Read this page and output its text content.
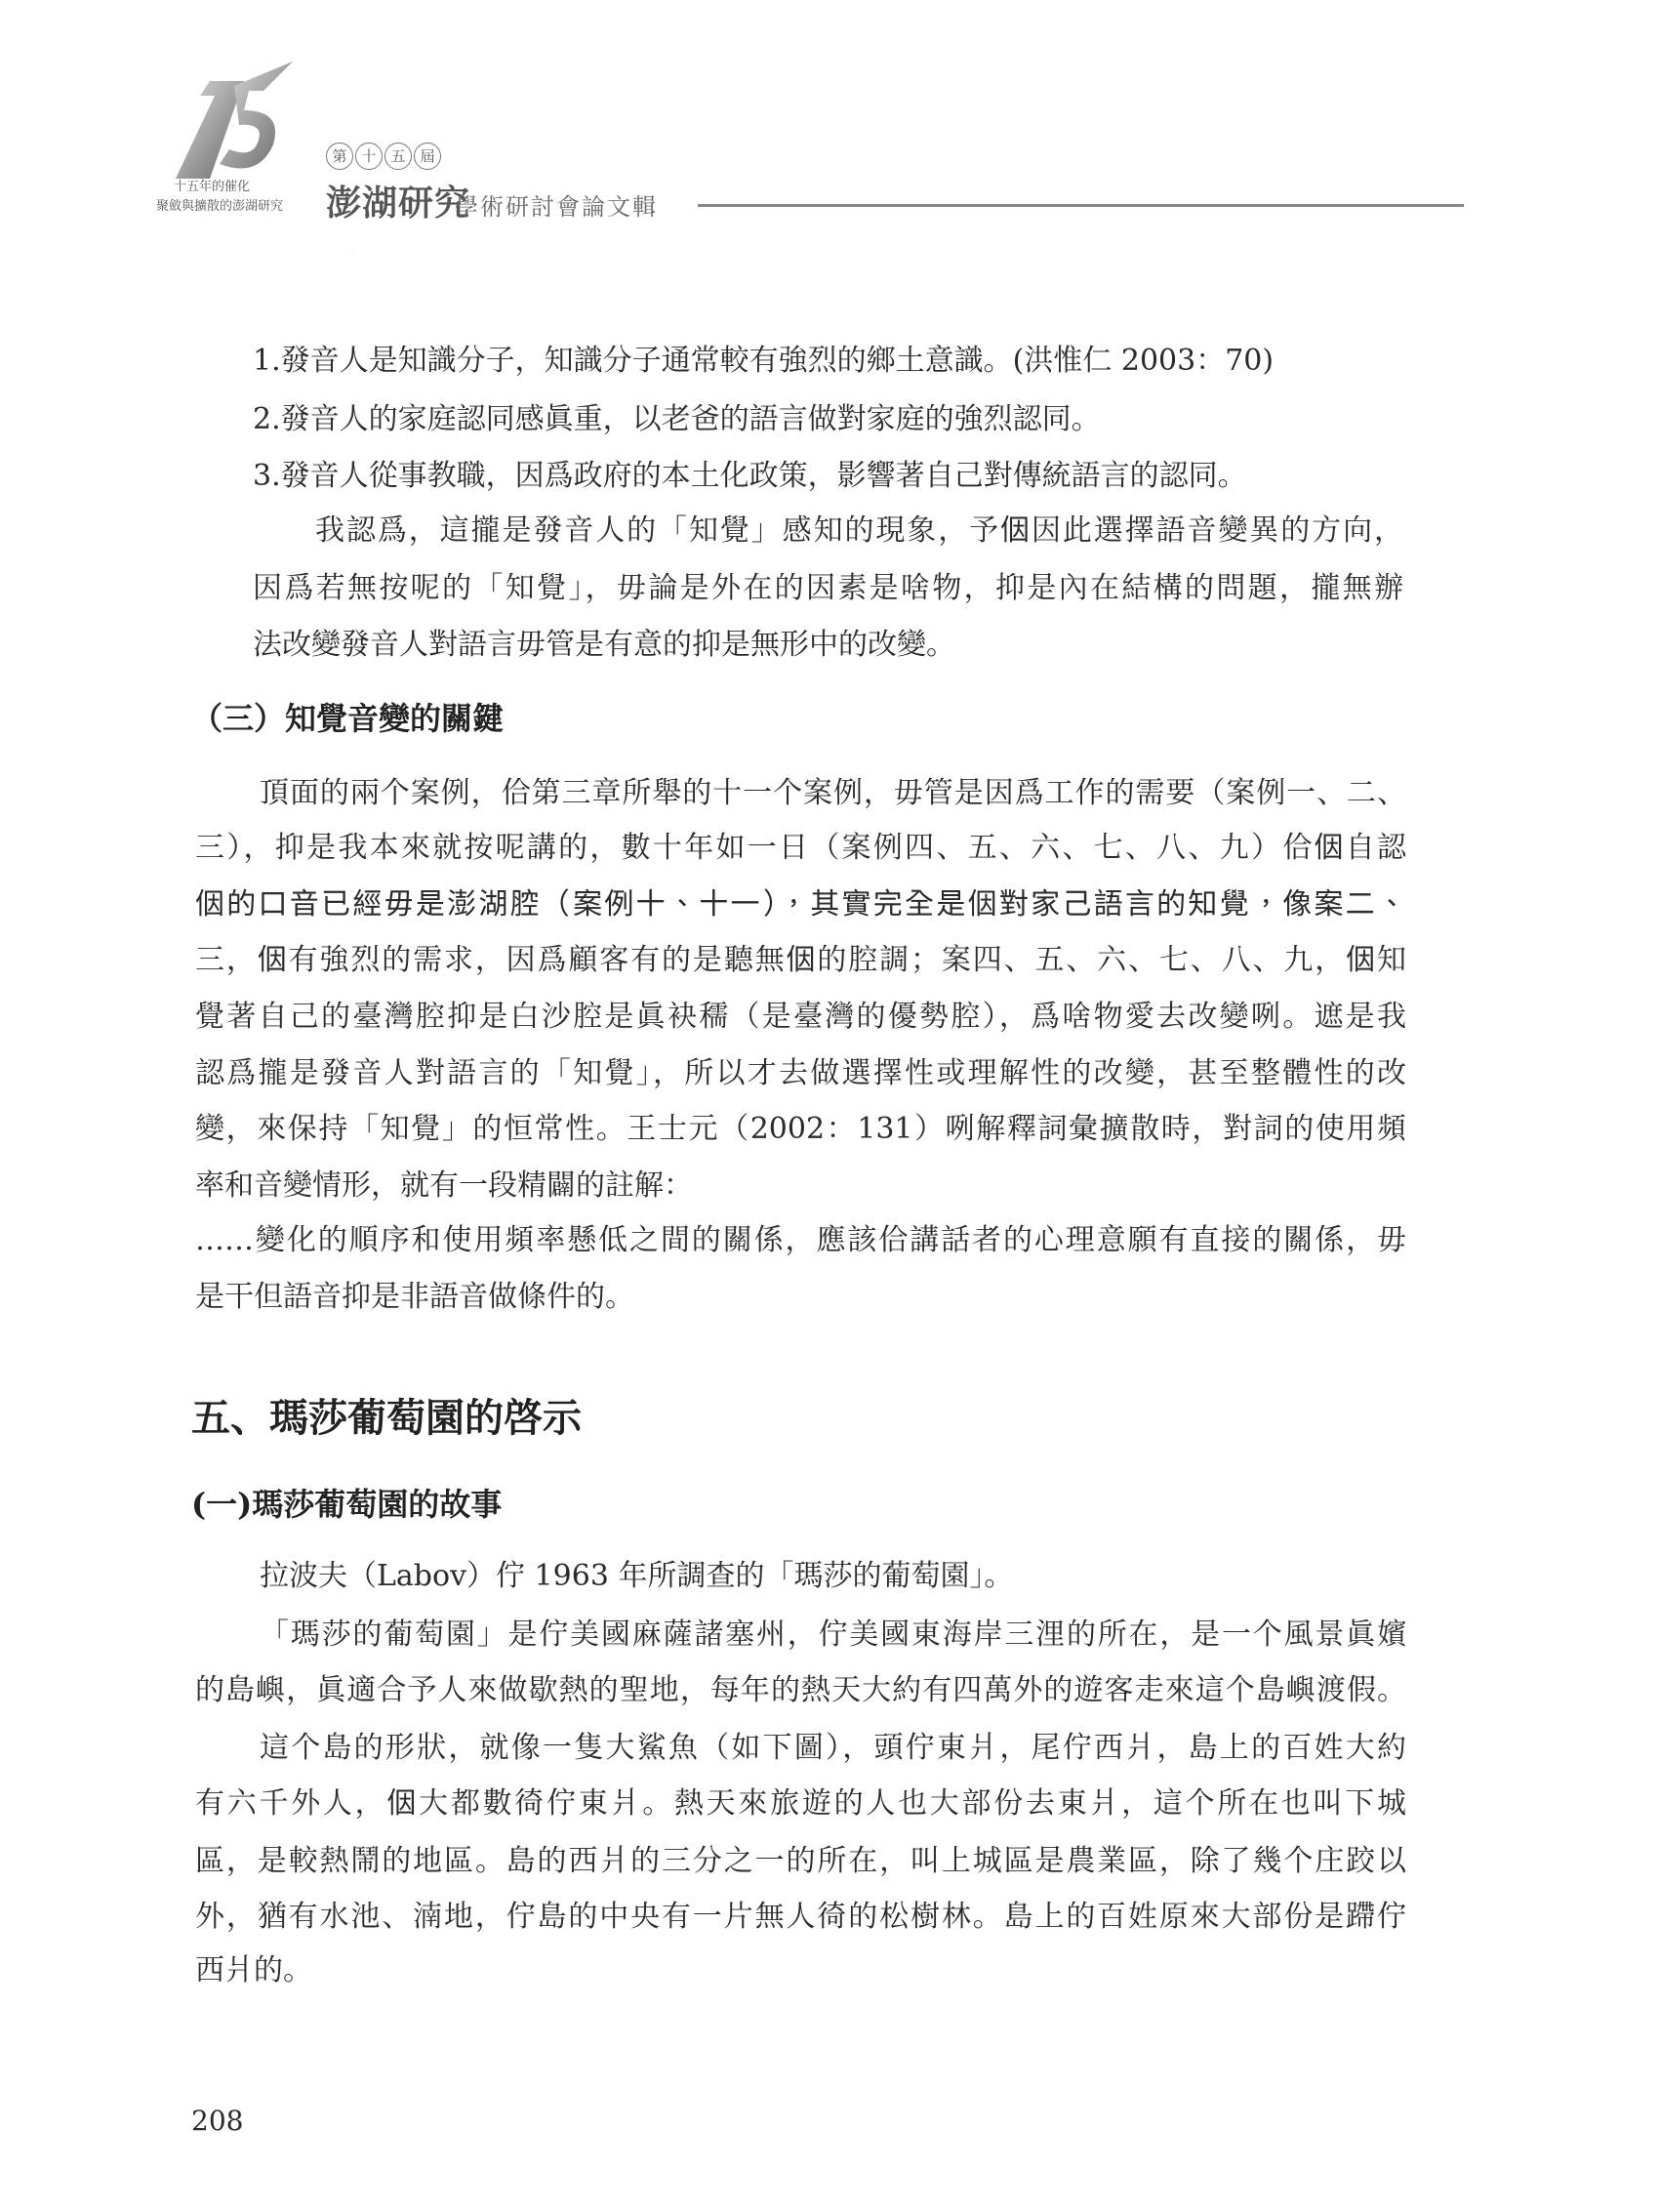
15
十五年的催化
聚斂與擴散的澎湖研究
第 十 五 屆
澎湖研究
學術研討會論文輯
1.發音人是知識分子，知識分子通常較有強烈的鄉土意識。(洪惟仁 2003：70)
2.發音人的家庭認同感眞重，以老爸的語言做對家庭的強烈認同。
3.發音人從事教職，因爲政府的本土化政策，影響著自己對傳統語言的認同。
我認爲，這攏是發音人的「知覺」感知的現象，予𪜶因此選擇語音變異的方向，
因爲若無按呢的「知覺」，毋論是外在的因素是啥物，抑是內在結構的問題，攏無辦
法改變發音人對語言毋管是有意的抑是無形中的改變。
（三）知覺音變的關鍵
頂面的兩个案例，佮第三章所舉的十一个案例，毋管是因爲工作的需要（案例一、二、
三），抑是我本來就按呢講的，數十年如一日（案例四、五、六、七、八、九）佮𪜶自認
𪜶的口音已經毋是澎湖腔（案例十、十一），其實完全是𪜶對家己語言的知覺，像案二、
三，𪜶有強烈的需求，因爲顧客有的是聽無𪜶的腔調；案四、五、六、七、八、九，𪜶知
覺著自己的臺灣腔抑是白沙腔是眞袂穤（是臺灣的優勢腔），爲啥物愛去改變咧。遮是我
認爲攏是發音人對語言的「知覺」，所以才去做選擇性或理解性的改變，甚至整體性的改
變，來保持「知覺」的恒常性。王士元（2002：131）咧解釋詞彙擴散時，對詞的使用頻
率和音變情形，就有一段精闢的註解：
……變化的順序和使用頻率懸低之間的關係，應該佮講話者的心理意願有直接的關係，毋
是干但語音抑是非語音做條件的。
五、瑪莎葡萄園的啓示
(一)瑪莎葡萄園的故事
拉波夫（Labov）佇 1963 年所調查的「瑪莎的葡萄園」。
「瑪莎的葡萄園」是佇美國麻薩諸塞州，佇美國東海岸三浬的所在，是一个風景眞嬪
的島嶼，眞適合予人來做歇熱的聖地，每年的熱天大約有四萬外的遊客走來這个島嶼渡假。
這个島的形狀，就像一隻大鯊魚（如下圖），頭佇東爿，尾佇西爿，島上的百姓大約
有六千外人，𪜶大都數徛佇東爿。熱天來旅遊的人也大部份去東爿，這个所在也叫下城
區，是較熱鬧的地區。島的西爿的三分之一的所在，叫上城區是農業區，除了幾个庄跤以
外，猶有水池、湳地，佇島的中央有一片無人徛的松樹林。島上的百姓原來大部份是蹛佇
西爿的。
208
